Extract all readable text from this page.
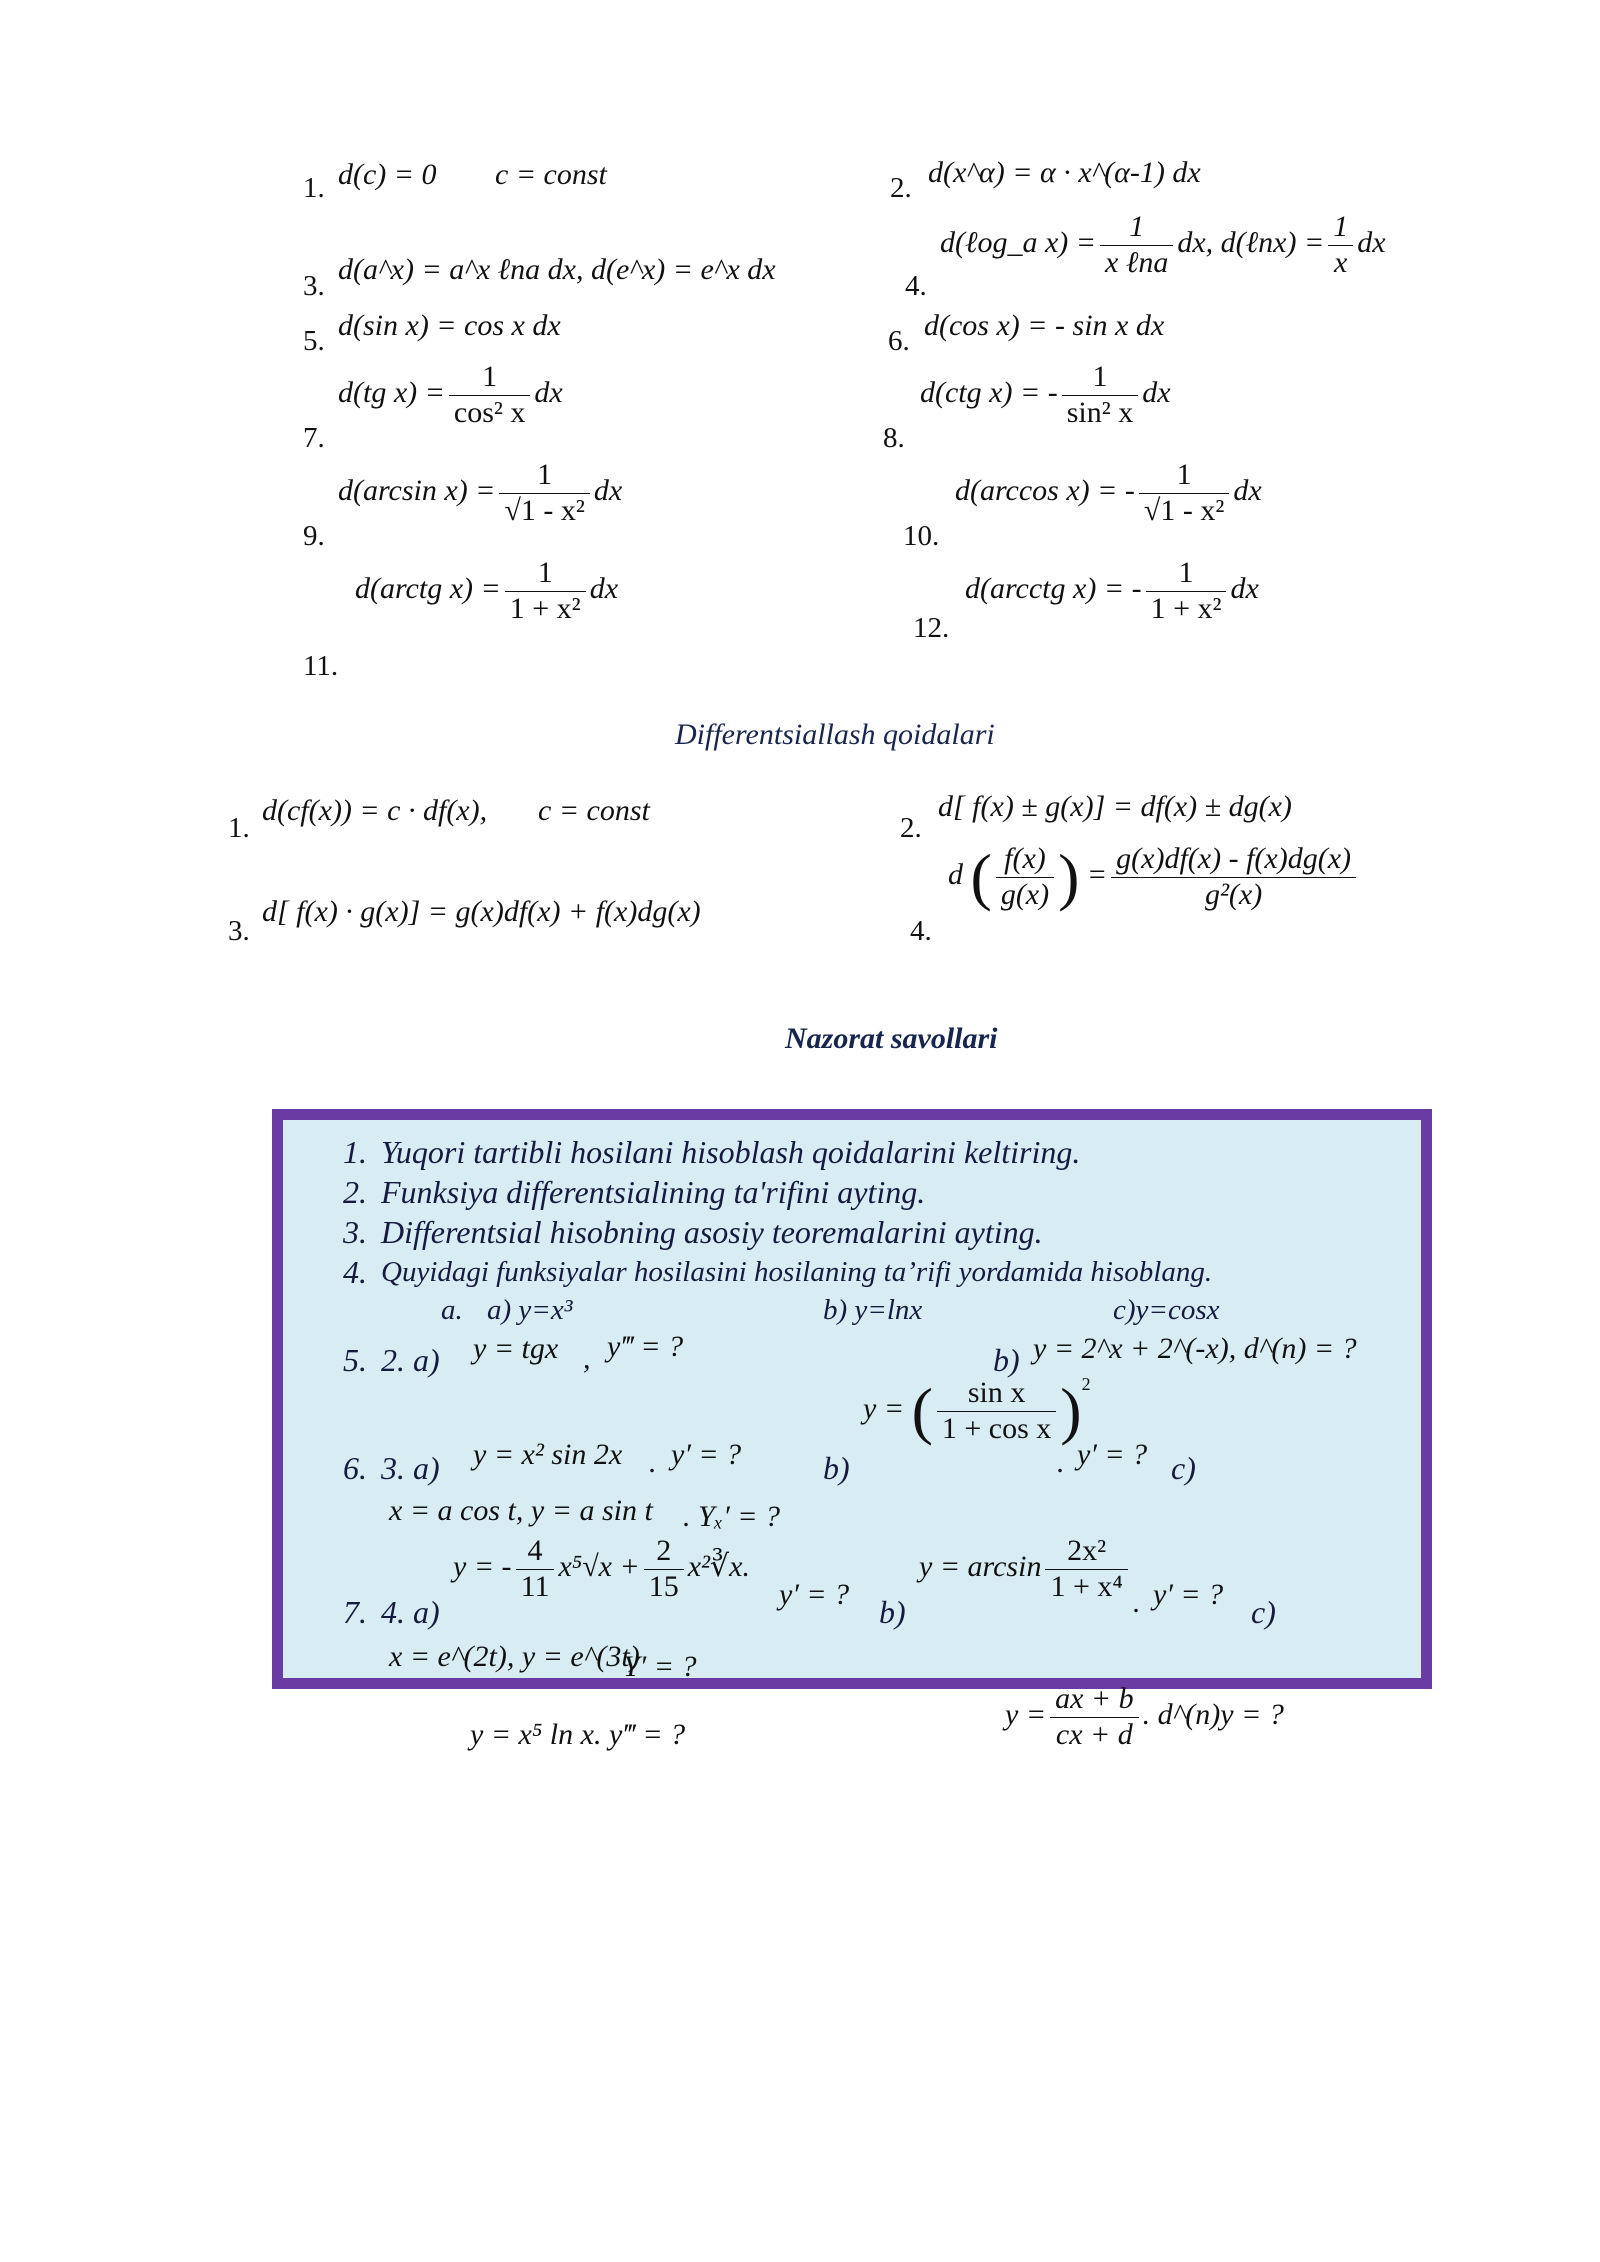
1. d(c) = 0 c = const	2. d(x^α) = α · x^(α-1) dx
3. d(a^x) = a^x ℓna dx, d(e^x) = e^x dx	4.
d(ℓog_a $x) = \frac{1}{\text{x ℓna}}$ dx, d(ℓnx) = $\frac{1}{x}$ dx
5. d(sin x) = cos x dx	6. d(cos x) = - sin x dx
7.
d(tg $x) = \frac{1}{\text{cos² x}}$ dx
8.
d(ctg x) = - $\frac{1}{\text{sin² x}}$ dx
9.
d(arcsin $x) = \frac{1}{\text{√1 - x²}}$ dx
10.
d(arccos x) = - $\frac{1}{\text{√1 - x²}}$ dx
d(arctg $x) = \frac{1}{\text{1 + x²}}$ dx
11.
12.
d(arcctg x) = - $\frac{1}{\text{1 + x²}}$ dx
Differentsiallash qoidalari
1.
d(cf(x)) = c · df(x), c = const
2.
d[ f(x) ± g(x)] = df(x) ± dg(x)
3.
d[ f(x) · g(x)] = g(x)df(x) + f(x)dg(x)
4.
d ( $\frac{f(x)}{g(x)}$ ) = $\frac{g(x)df(x) - f(x)dg(x)}{\text{g²(x)}}$
Nazorat savollari
1. Yuqori tartibli hosilani hisoblash qoidalarini keltiring.
2. Funksiya differentsialining ta'rifini ayting.
3. Differentsial hisobning asosiy teoremalarini ayting.
4. Quyidagi funksiyalar hosilasini hosilaning ta’rifi yordamida hisoblang.
a. a) y=x³	b) y=lnx	c)y=cosx
5. 2. a) y = tgx , y‴ = ?	b) y = 2^x + 2^(-x), d^(n) = ?
6. 3. a) y = x² sin 2x . y′ = ?	b)
y = ( $\frac{\text{sin x}}{\text{1 + cos x}} )^2$
. y′ = ? c)
x = a cos t, y = a sin t . Yₓ′ = ?
7. 4. a)
y = - $\frac{4}{11} x^5√x + \frac{2}{15}$ x²∛x.
y′ = ? b)
$y = \arcsin \frac{\text{2x²}}{\text{1 + x⁴}}$ . y′ = ? c)
x = e^(2t), y = e^(3t)
Y′ = ?
y = x⁵ ln x. y‴ = ?
$y = \frac{ax + b}{cx + d}$ . d^(n)y = ?
